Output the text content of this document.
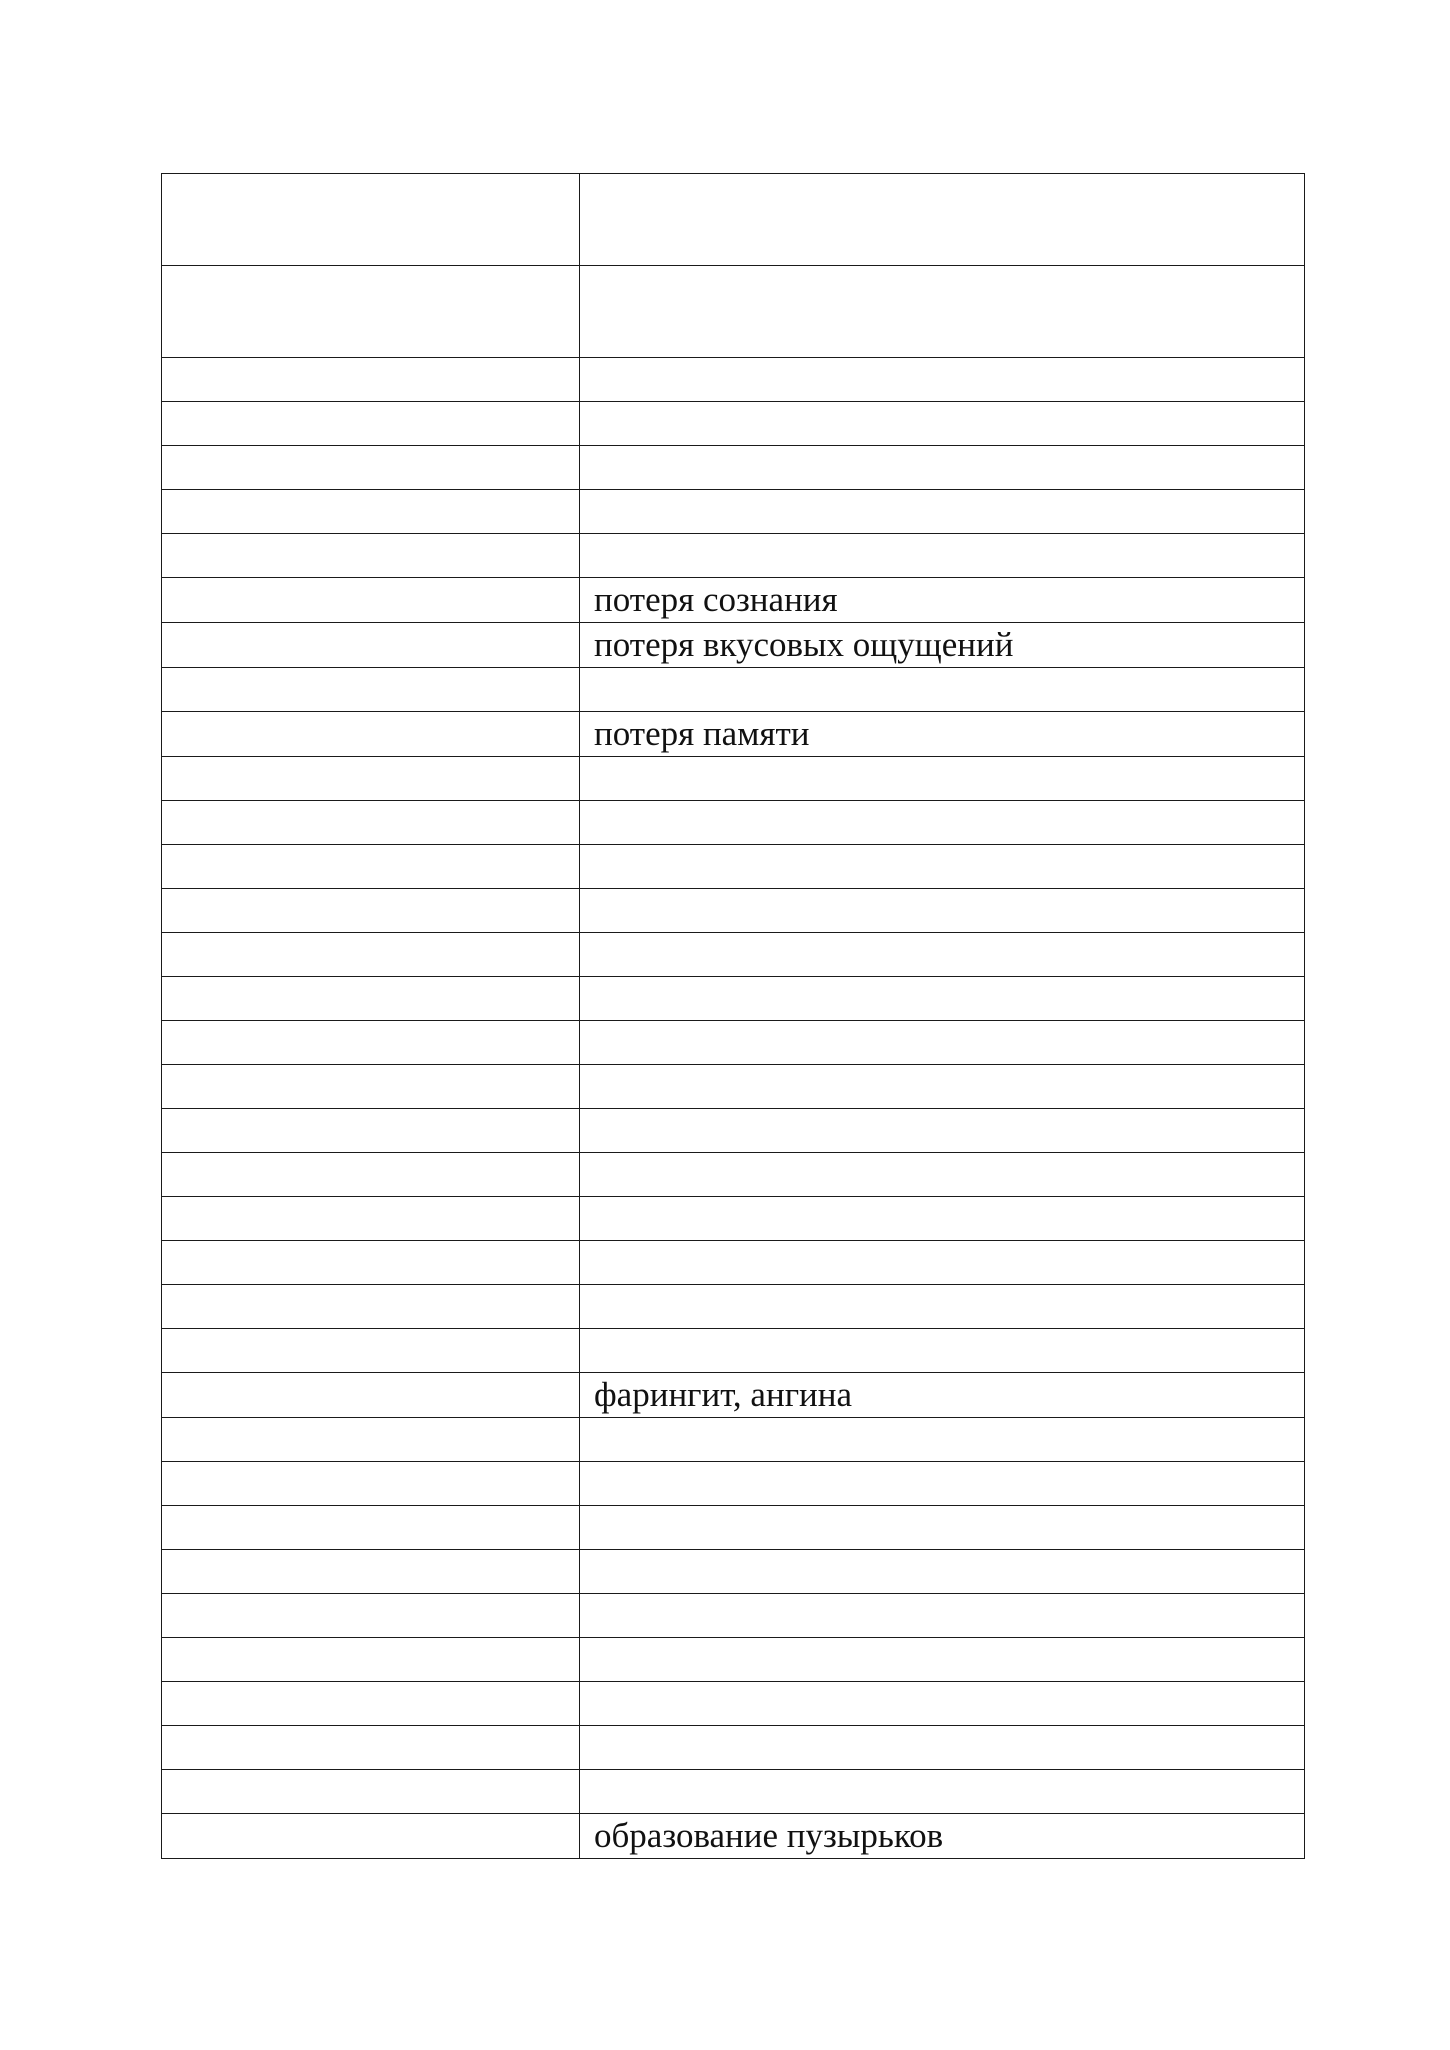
	потеря сознания
	потеря вкусовых ощущений

	потеря памяти

	фарингит, ангина

	образование пузырьков
